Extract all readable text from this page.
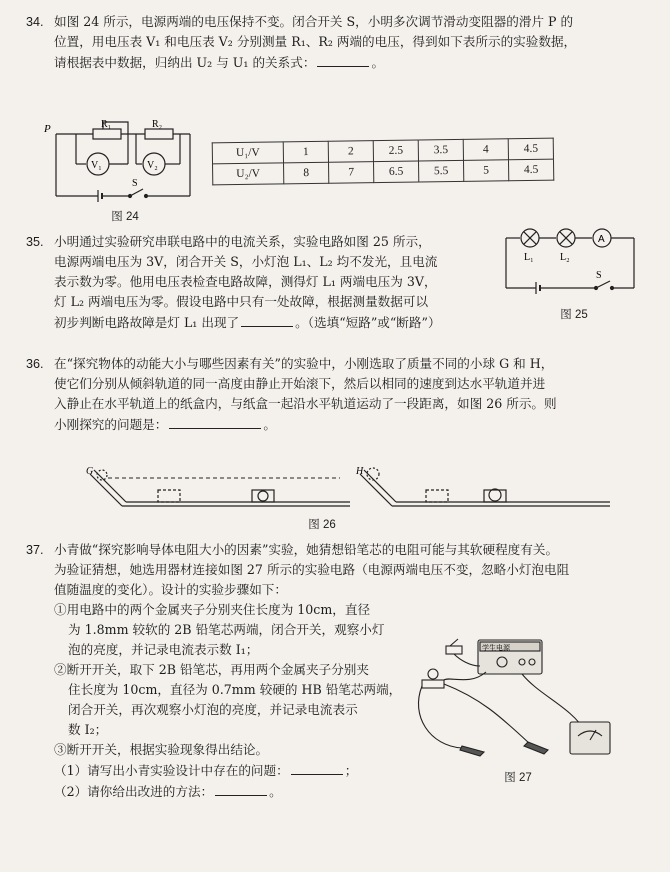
34. 如图 24 所示，电源两端的电压保持不变。闭合开关 S，小明多次调节滑动变阻器的滑片 P 的
位置，用电压表 V₁ 和电压表 V₂ 分别测量 R₁、R₂ 两端的电压，得到如下表所示的实验数据，
请根据表中数据，归纳出 U₂ 与 U₁ 的关系式：	。
P	R₁	R₂
V₁	V₂
S
图 24
U₁/V	1	2	2.5	3.5	4	4.5
U₂/V	8	7	6.5	5.5	5	4.5
35. 小明通过实验研究串联电路中的电流关系，实验电路如图 25 所示，
电源两端电压为 3V，闭合开关 S，小灯泡 L₁、L₂ 均不发光，且电流
表示数为零。他用电压表检查电路故障，测得灯 L₁ 两端电压为 3V，
灯 L₂ 两端电压为零。假设电路中只有一处故障，根据测量数据可以
初步判断电路故障是灯 L₁ 出现了	。（选填“短路”或“断路”）
A
L₁	L₂
S
图 25
36. 在“探究物体的动能大小与哪些因素有关”的实验中，小刚选取了质量不同的小球 G 和 H，
使它们分别从倾斜轨道的同一高度由静止开始滚下，然后以相同的速度到达水平轨道并进
入静止在水平轨道上的纸盒内，与纸盒一起沿水平轨道运动了一段距离，如图 26 所示。则
小刚探究的问题是：	。
G	H
图 26
37. 小青做“探究影响导体电阻大小的因素”实验，她猜想铅笔芯的电阻可能与其软硬程度有关。
为验证猜想，她选用器材连接如图 27 所示的实验电路（电源两端电压不变，忽略小灯泡电阻
值随温度的变化）。设计的实验步骤如下：
①用电路中的两个金属夹子分别夹住长度为 10cm，直径
为 1.8mm 较软的 2B 铅笔芯两端，闭合开关，观察小灯
泡的亮度，并记录电流表示数 I₁；
②断开开关，取下 2B 铅笔芯，再用两个金属夹子分别夹
住长度为 10cm，直径为 0.7mm 较硬的 HB 铅笔芯两端，
闭合开关，再次观察小灯泡的亮度，并记录电流表示
数 I₂；
③断开开关，根据实验现象得出结论。
（1）请写出小青实验设计中存在的问题：	；
（2）请你给出改进的方法：	。
学生电源
图 27
